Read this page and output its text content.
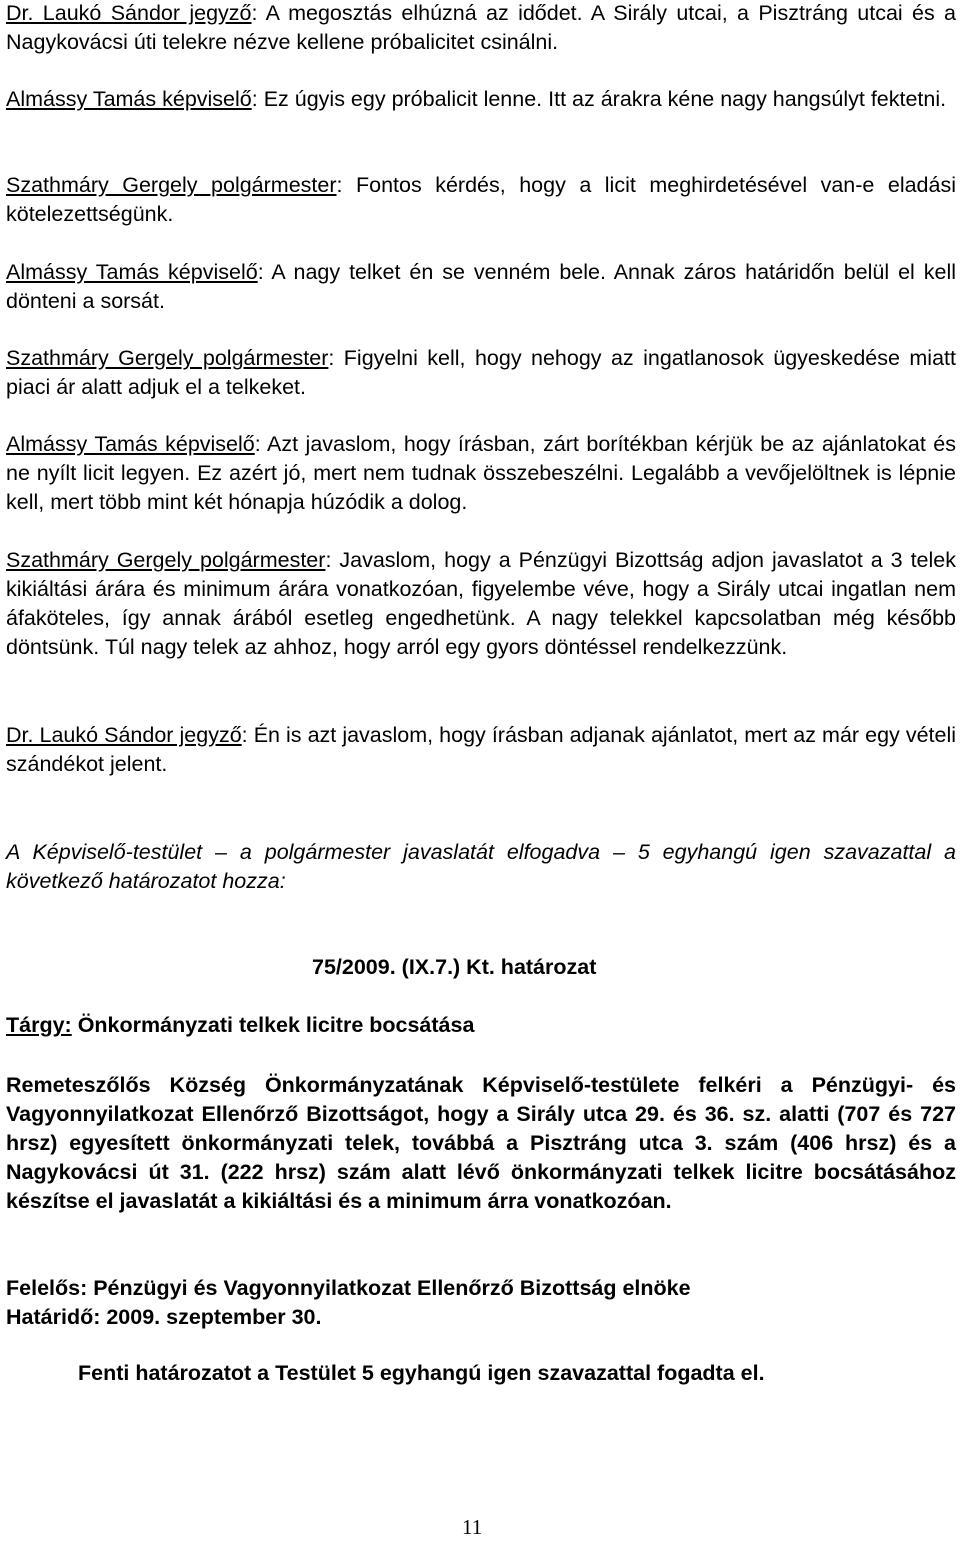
Dr. Laukó Sándor jegyző: A megosztás elhúzná az idődet. A Sirály utcai, a Pisztráng utcai és a Nagykovácsi úti telekre nézve kellene próbalicitet csinálni.

Almássy Tamás képviselő: Ez úgyis egy próbalicit lenne. Itt az árakra kéne nagy hangsúlyt fektetni.

Szathmáry Gergely polgármester: Fontos kérdés, hogy a licit meghirdetésével van-e eladási kötelezettségünk.

Almássy Tamás képviselő: A nagy telket én se venném bele. Annak záros határidőn belül el kell dönteni a sorsát.

Szathmáry Gergely polgármester: Figyelni kell, hogy nehogy az ingatlanosok ügyeskedése miatt piaci ár alatt adjuk el a telkeket.

Almássy Tamás képviselő: Azt javaslom, hogy írásban, zárt borítékban kérjük be az ajánlatokat és ne nyílt licit legyen. Ez azért jó, mert nem tudnak összebeszélni. Legalább a vevőjelöltnek is lépnie kell, mert több mint két hónapja húzódik a dolog.

Szathmáry Gergely polgármester: Javaslom, hogy a Pénzügyi Bizottság adjon javaslatot a 3 telek kikiáltási árára és minimum árára vonatkozóan, figyelembe véve, hogy a Sirály utcai ingatlan nem áfaköteles, így annak árából esetleg engedhetünk. A nagy telekkel kapcsolatban még később döntsünk. Túl nagy telek az ahhoz, hogy arról egy gyors döntéssel rendelkezzünk.

Dr. Laukó Sándor jegyző: Én is azt javaslom, hogy írásban adjanak ajánlatot, mert az már egy vételi szándékot jelent.

A Képviselő-testület – a polgármester javaslatát elfogadva – 5 egyhangú igen szavazattal a következő határozatot hozza:

75/2009. (IX.7.) Kt. határozat
Tárgy: Önkormányzati telkek licitre bocsátása

Remeteszőlős Község Önkormányzatának Képviselő-testülete felkéri a Pénzügyi- és Vagyonnyilatkozat Ellenőrző Bizottságot, hogy a Sirály utca 29. és 36. sz. alatti (707 és 727 hrsz) egyesített önkormányzati telek, továbbá a Pisztráng utca 3. szám (406 hrsz) és a Nagykovácsi út 31. (222 hrsz) szám alatt lévő önkormányzati telkek licitre bocsátásához készítse el javaslatát a kikiáltási és a minimum árra vonatkozóan.

Felelős: Pénzügyi és Vagyonnyilatkozat Ellenőrző Bizottság elnöke
Határidő: 2009. szeptember 30.
Fenti határozatot a Testület 5 egyhangú igen szavazattal fogadta el.
11
